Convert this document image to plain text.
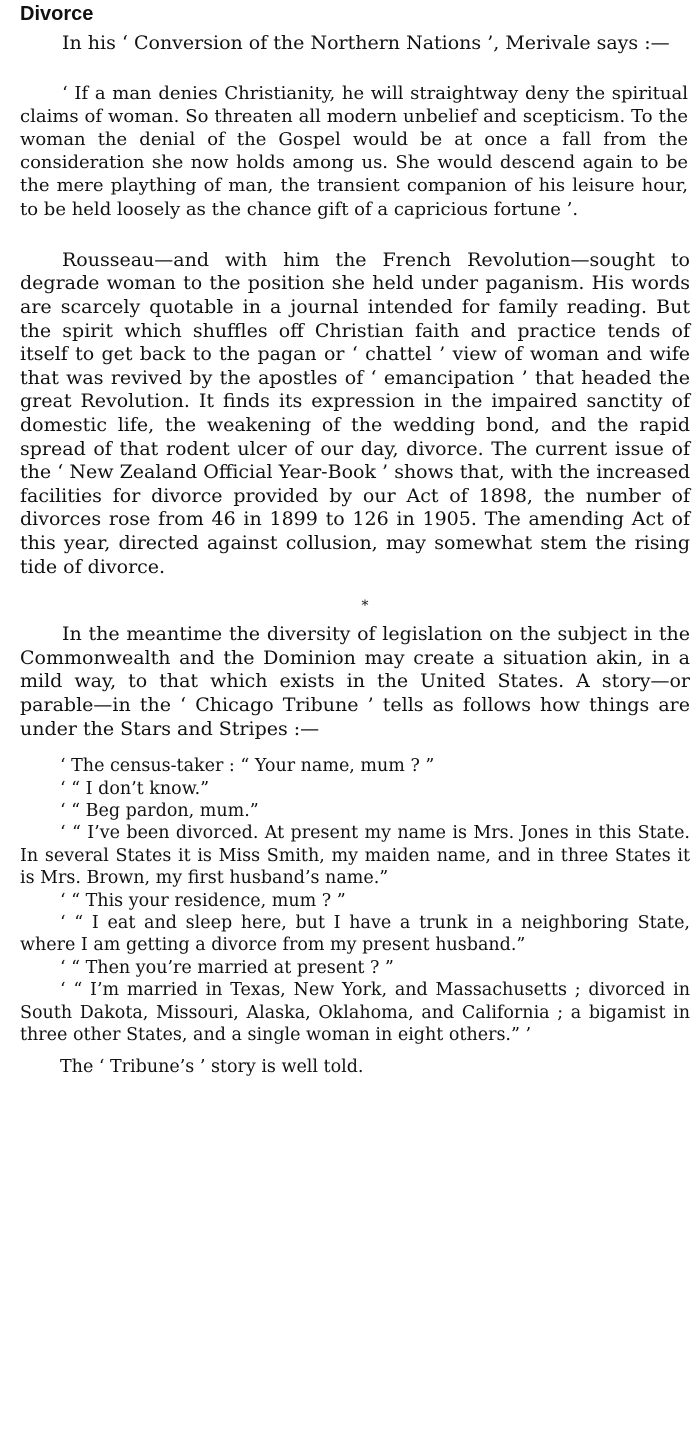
Divorce

In his ‘ Conversion of the Northern Nations ’, Merivale says :—

‘ If a man denies Christianity, he will straightway deny the spiritual claims of woman. So threaten all modern unbelief and scepticism. To the woman the denial of the Gospel would be at once a fall from the consideration she now holds among us. She would descend again to be the mere plaything of man, the transient companion of his leisure hour, to be held loosely as the chance gift of a capricious fortune ’.

Rousseau—and with him the French Revolution—sought to degrade woman to the position she held under paganism. His words are scarcely quotable in a journal intended for family reading. But the spirit which shuffles off Christian faith and practice tends of itself to get back to the pagan or ‘ chattel ’ view of woman and wife that was revived by the apostles of ‘ emancipation ’ that headed the great Revolution. It finds its expression in the impaired sanctity of domestic life, the weakening of the wedding bond, and the rapid spread of that rodent ulcer of our day, divorce. The current issue of the ‘ New Zealand Official Year-Book ’ shows that, with the increased facilities for divorce provided by our Act of 1898, the number of divorces rose from 46 in 1899 to 126 in 1905. The amending Act of this year, directed against collusion, may somewhat stem the rising tide of divorce.

*

In the meantime the diversity of legislation on the subject in the Commonwealth and the Dominion may create a situation akin, in a mild way, to that which exists in the United States. A story—or parable—in the ‘ Chicago Tribune ’ tells as follows how things are under the Stars and Stripes :—

‘ The census-taker : “ Your name, mum ? ”

‘ “ I don’t know.”

‘ “ Beg pardon, mum.”

‘ “ I’ve been divorced. At present my name is Mrs. Jones in this State. In several States it is Miss Smith, my maiden name, and in three States it is Mrs. Brown, my first husband’s name.”

‘ “ This your residence, mum ? ”

‘ “ I eat and sleep here, but I have a trunk in a neighboring State, where I am getting a divorce from my present husband.”

‘ “ Then you’re married at present ? ”

‘ “ I’m married in Texas, New York, and Massachusetts ; divorced in South Dakota, Missouri, Alaska, Oklahoma, and California ; a bigamist in three other States, and a single woman in eight others.” ’

The ‘ Tribune’s ’ story is well told.
